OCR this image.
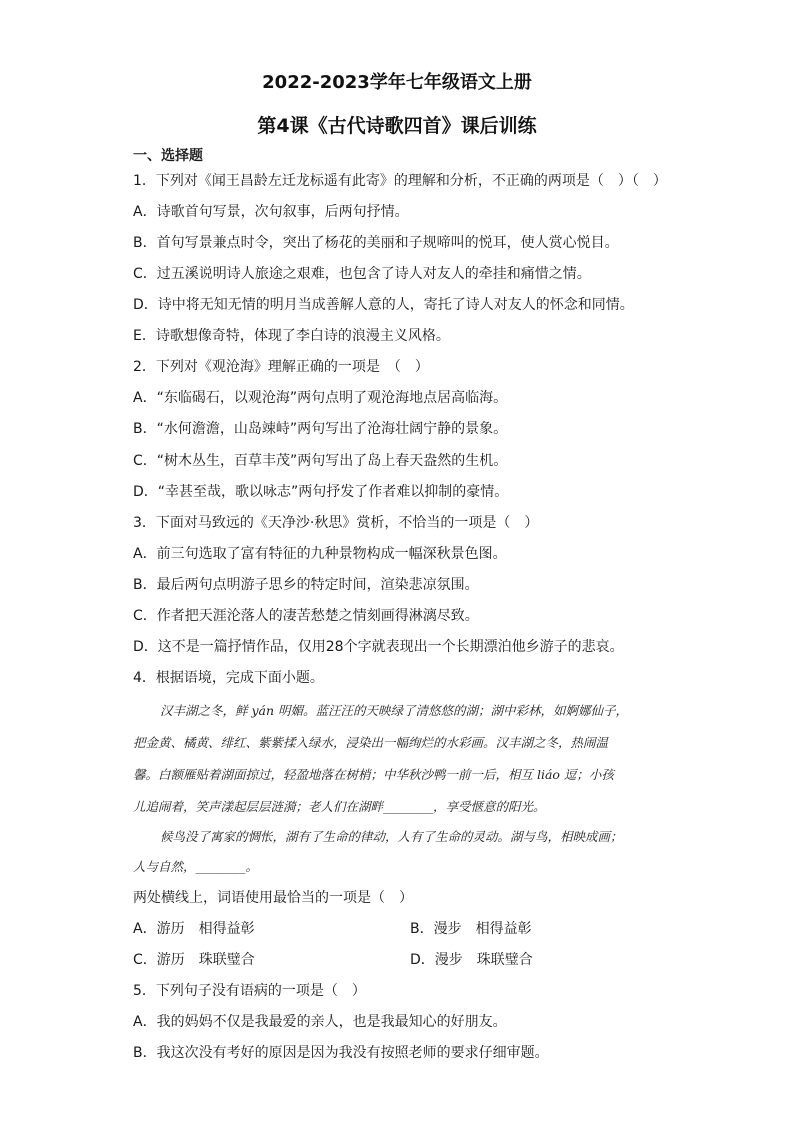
2022-2023学年七年级语文上册
第4课《古代诗歌四首》课后训练
一、选择题
1．下列对《闻王昌龄左迁龙标遥有此寄》的理解和分析，不正确的两项是（　）（　）
A．诗歌首句写景，次句叙事，后两句抒情。
B．首句写景兼点时令，突出了杨花的美丽和子规啼叫的悦耳，使人赏心悦目。
C．过五溪说明诗人旅途之艰难，也包含了诗人对友人的牵挂和痛惜之情。
D．诗中将无知无情的明月当成善解人意的人，寄托了诗人对友人的怀念和同情。
E．诗歌想像奇特，体现了李白诗的浪漫主义风格。
2．下列对《观沧海》理解正确的一项是　（　）
A．“东临碣石，以观沧海”两句点明了观沧海地点居高临海。
B．“水何澹澹，山岛竦峙”两句写出了沧海壮阔宁静的景象。
C．“树木丛生，百草丰茂”两句写出了岛上春天盎然的生机。
D．“幸甚至哉，歌以咏志”两句抒发了作者难以抑制的豪情。
3．下面对马致远的《天净沙·秋思》赏析，不恰当的一项是（　）
A．前三句选取了富有特征的九种景物构成一幅深秋景色图。
B．最后两句点明游子思乡的特定时间，渲染悲凉氛围。
C．作者把天涯沦落人的凄苦愁楚之情刻画得淋漓尽致。
D．这不是一篇抒情作品，仅用28个字就表现出一个长期漂泊他乡游子的悲哀。
4．根据语境，完成下面小题。
汉丰湖之冬，鲜 yán 明媚。蓝汪汪的天映绿了清悠悠的湖；湖中彩林，如婀娜仙子，
把金黄、橘黄、绯红、紫紫揉入绿水，浸染出一幅绚烂的水彩画。汉丰湖之冬，热闹温
馨。白额雁贴着湖面掠过，轻盈地落在树梢；中华秋沙鸭一前一后，相互 liáo 逗；小孩
儿追闹着，笑声漾起层层涟漪；老人们在湖畔________，享受惬意的阳光。
候鸟没了寓家的惆怅，湖有了生命的律动，人有了生命的灵动。湖与鸟，相映成画；
人与自然，________。
两处横线上，词语使用最恰当的一项是（　）
A．游历　相得益彰	B．漫步　相得益彰
C．游历　珠联璧合	D．漫步　珠联璧合
5．下列句子没有语病的一项是（　）
A．我的妈妈不仅是我最爱的亲人，也是我最知心的好朋友。
B．我这次没有考好的原因是因为我没有按照老师的要求仔细审题。
